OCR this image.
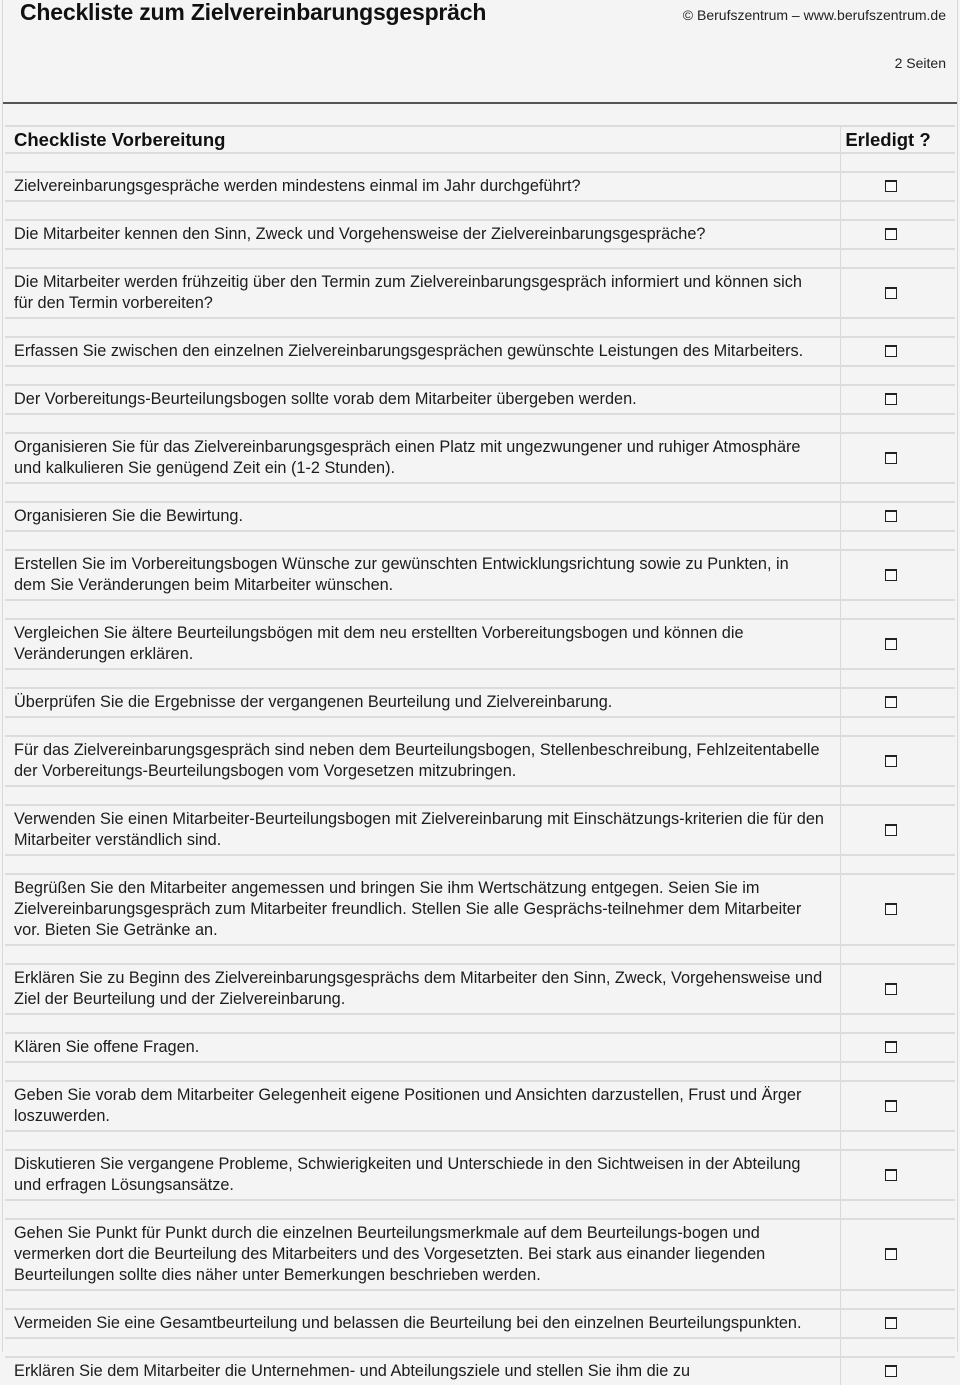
Checkliste zum Zielvereinbarungsgespräch	© Berufszentrum – www.berufszentrum.de
2 Seiten
Checkliste Vorbereitung	Erledigt ?

Zielvereinbarungsgespräche werden mindestens einmal im Jahr durchgeführt?	

Die Mitarbeiter kennen den Sinn, Zweck und Vorgehensweise der Zielvereinbarungsgespräche?	

Die Mitarbeiter werden frühzeitig über den Termin zum Zielvereinbarungsgespräch informiert und können sich für den Termin vorbereiten?	

Erfassen Sie zwischen den einzelnen Zielvereinbarungsgesprächen gewünschte Leistungen des Mitarbeiters.	

Der Vorbereitungs-Beurteilungsbogen sollte vorab dem Mitarbeiter übergeben werden.	

Organisieren Sie für das Zielvereinbarungsgespräch einen Platz mit ungezwungener und ruhiger Atmosphäre und kalkulieren Sie genügend Zeit ein (1-2 Stunden).	

Organisieren Sie die Bewirtung.	

Erstellen Sie im Vorbereitungsbogen Wünsche zur gewünschten Entwicklungsrichtung sowie zu Punkten, in dem Sie Veränderungen beim Mitarbeiter wünschen.	

Vergleichen Sie ältere Beurteilungsbögen mit dem neu erstellten Vorbereitungsbogen und können die Veränderungen erklären.	

Überprüfen Sie die Ergebnisse der vergangenen Beurteilung und Zielvereinbarung.	

Für das Zielvereinbarungsgespräch sind neben dem Beurteilungsbogen, Stellenbeschreibung, Fehlzeitentabelle der Vorbereitungs-Beurteilungsbogen vom Vorgesetzen mitzubringen.	

Verwenden Sie einen Mitarbeiter-Beurteilungsbogen mit Zielvereinbarung mit Einschätzungs-kriterien die für den Mitarbeiter verständlich sind.	

Begrüßen Sie den Mitarbeiter angemessen und bringen Sie ihm Wertschätzung entgegen. Seien Sie im Zielvereinbarungsgespräch zum Mitarbeiter freundlich. Stellen Sie alle Gesprächs-teilnehmer dem Mitarbeiter vor. Bieten Sie Getränke an.	

Erklären Sie zu Beginn des Zielvereinbarungsgesprächs dem Mitarbeiter den Sinn, Zweck, Vorgehensweise und Ziel der Beurteilung und der Zielvereinbarung.	

Klären Sie offene Fragen.	

Geben Sie vorab dem Mitarbeiter Gelegenheit eigene Positionen und Ansichten darzustellen, Frust und Ärger loszuwerden.	

Diskutieren Sie vergangene Probleme, Schwierigkeiten und Unterschiede in den Sichtweisen in der Abteilung und erfragen Lösungsansätze.	

Gehen Sie Punkt für Punkt durch die einzelnen Beurteilungsmerkmale auf dem Beurteilungs-bogen und vermerken dort die Beurteilung des Mitarbeiters und des Vorgesetzten. Bei stark aus einander liegenden Beurteilungen sollte dies näher unter Bemerkungen beschrieben werden.	

Vermeiden Sie eine Gesamtbeurteilung und belassen die Beurteilung bei den einzelnen Beurteilungspunkten.	

Erklären Sie dem Mitarbeiter die Unternehmen- und Abteilungsziele und stellen Sie ihm die zu	
